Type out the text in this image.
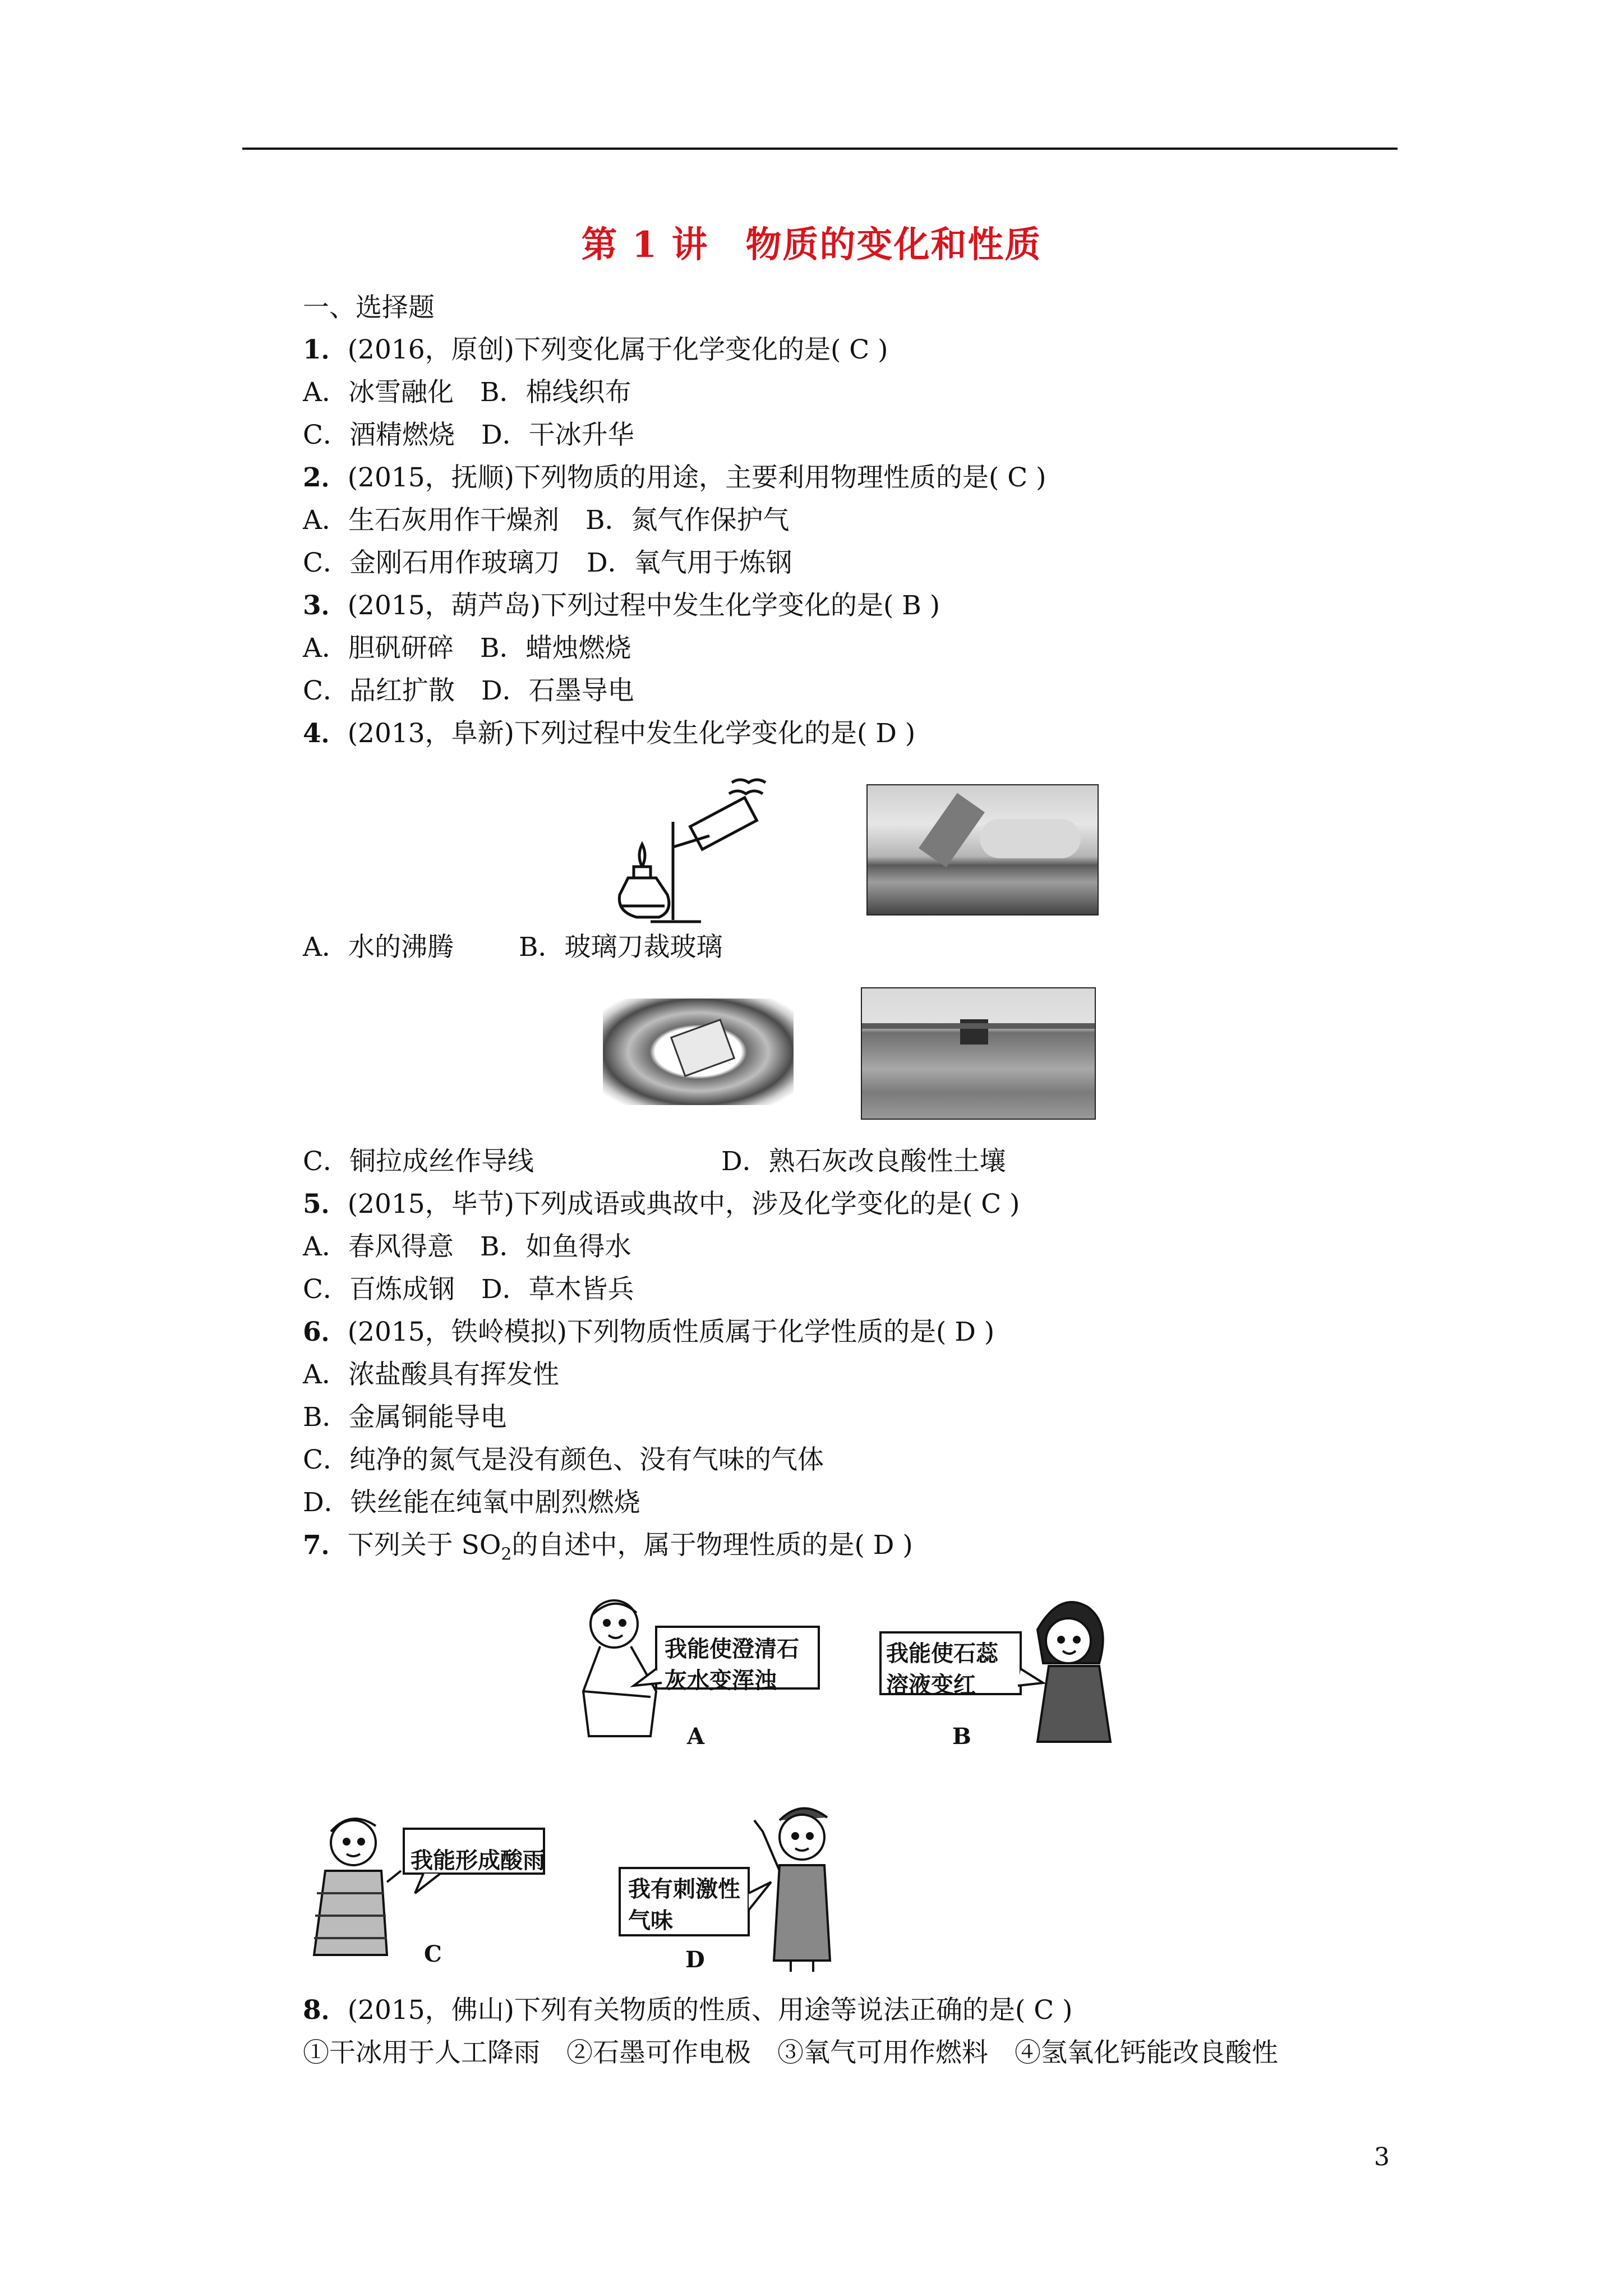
第 1 讲　物质的变化和性质
一、选择题
1．(2016，原创)下列变化属于化学变化的是( C )
A．冰雪融化　B．棉线织布
C．酒精燃烧　D．干冰升华
2．(2015，抚顺)下列物质的用途，主要利用物理性质的是( C )
A．生石灰用作干燥剂　B．氮气作保护气
C．金刚石用作玻璃刀　D．氧气用于炼钢
3．(2015，葫芦岛)下列过程中发生化学变化的是( B )
A．胆矾研碎　B．蜡烛燃烧
C．品红扩散　D．石墨导电
4．(2013，阜新)下列过程中发生化学变化的是( D )
A．水的沸腾 B．玻璃刀裁玻璃
C．铜拉成丝作导线	D．熟石灰改良酸性土壤
5．(2015，毕节)下列成语或典故中，涉及化学变化的是( C )
A．春风得意　B．如鱼得水
C．百炼成钢　D．草木皆兵
6．(2015，铁岭模拟)下列物质性质属于化学性质的是( D )
A．浓盐酸具有挥发性
B．金属铜能导电
C．纯净的氮气是没有颜色、没有气味的气体
D．铁丝能在纯氧中剧烈燃烧
7．下列关于 $SO_2$的自述中，属于物理性质的是( D )
我能使澄清石灰水变浑浊
A
我能使石蕊溶液变红
B
我能形成酸雨
C
我有刺激性气味
D
8．(2015，佛山)下列有关物质的性质、用途等说法正确的是( C )
①干冰用于人工降雨　②石墨可作电极　③氧气可用作燃料　④氢氧化钙能改良酸性
3
